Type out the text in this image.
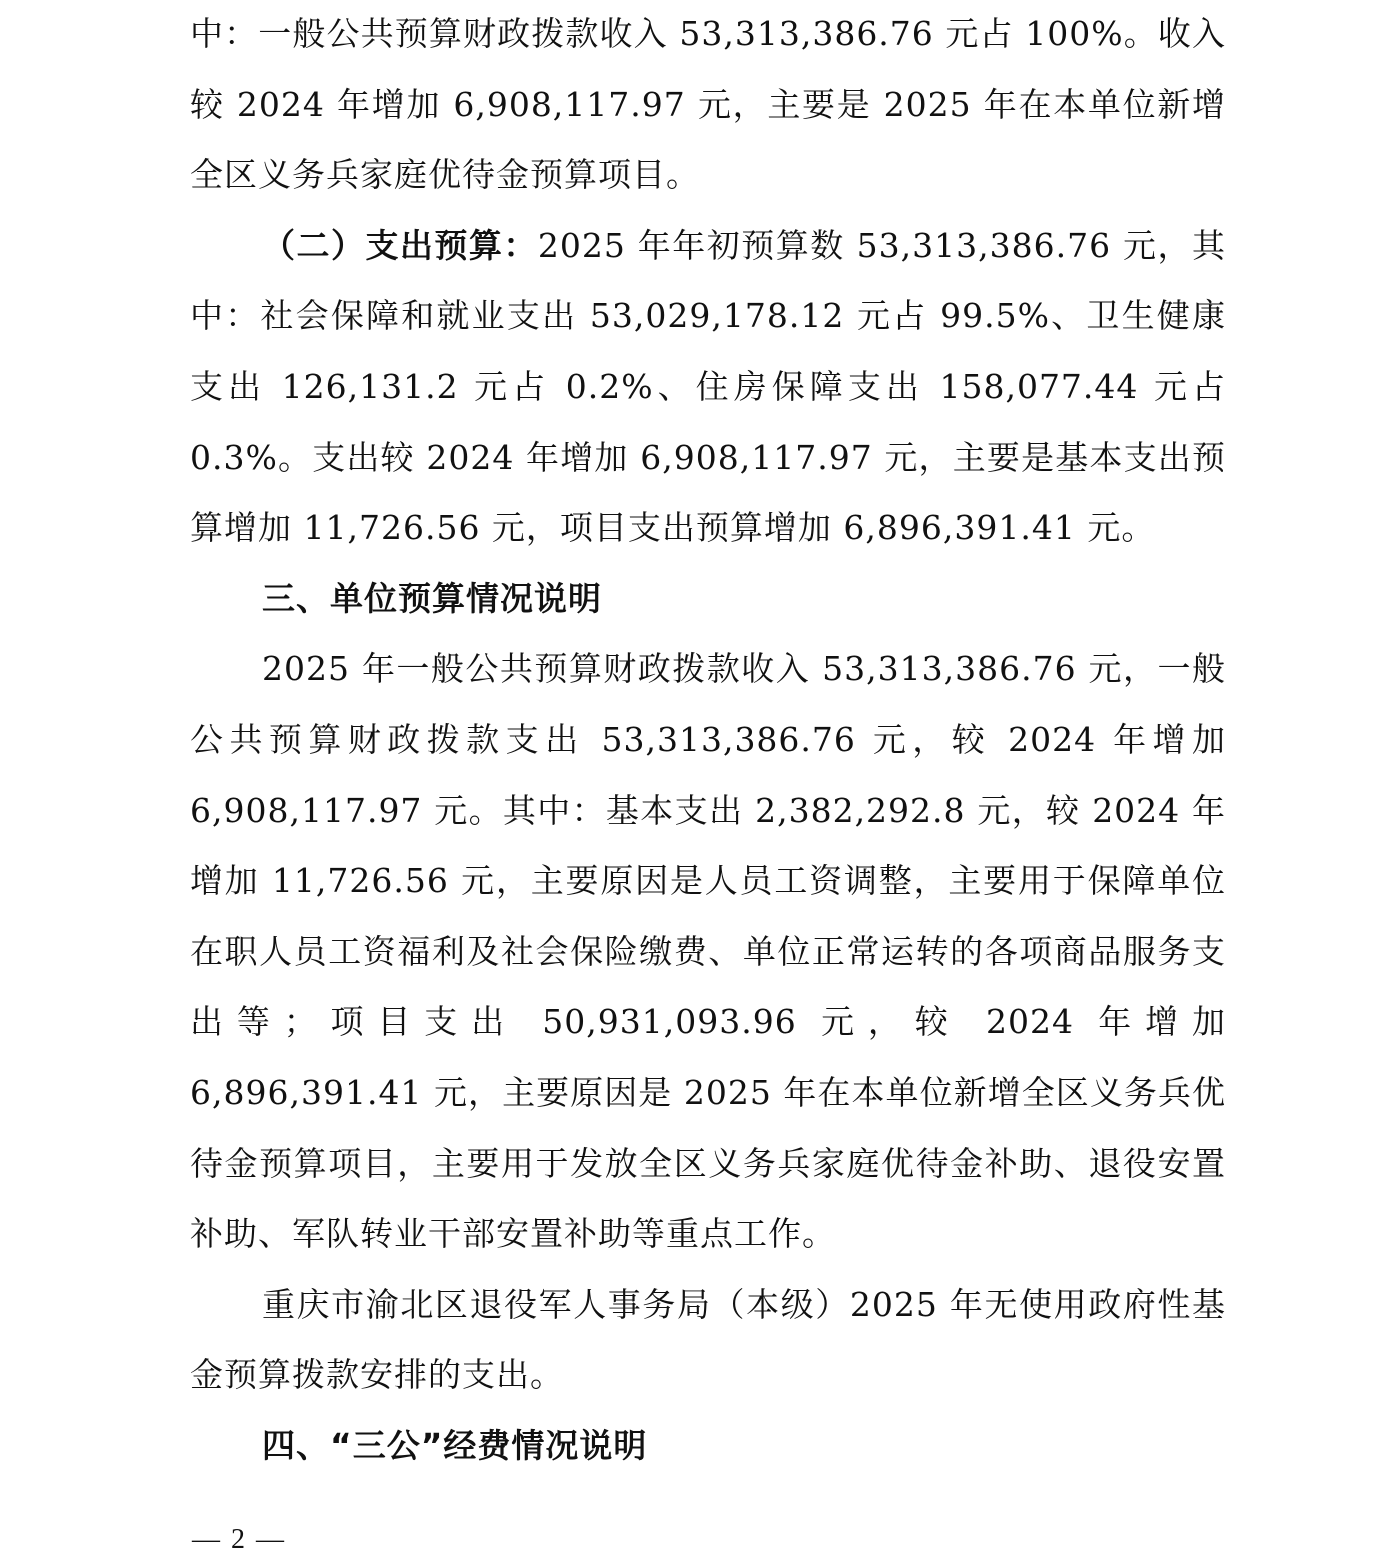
中：一般公共预算财政拨款收入 53,313,386.76 元占 100%。收入较 2024 年增加 6,908,117.97 元，主要是 2025 年在本单位新增全区义务兵家庭优待金预算项目。

（二）支出预算：2025 年年初预算数 53,313,386.76 元，其中：社会保障和就业支出 53,029,178.12 元占 99.5%、卫生健康支出 126,131.2 元占 0.2%、住房保障支出 158,077.44 元占 0.3%。支出较 2024 年增加 6,908,117.97 元，主要是基本支出预算增加 11,726.56 元，项目支出预算增加 6,896,391.41 元。

三、单位预算情况说明

2025 年一般公共预算财政拨款收入 53,313,386.76 元，一般公共预算财政拨款支出 53,313,386.76 元，较 2024 年增加 6,908,117.97 元。其中：基本支出 2,382,292.8 元，较 2024 年增加 11,726.56 元，主要原因是人员工资调整，主要用于保障单位在职人员工资福利及社会保险缴费、单位正常运转的各项商品服务支出等；项目支出 50,931,093.96 元，较 2024 年增加 6,896,391.41 元，主要原因是 2025 年在本单位新增全区义务兵优待金预算项目，主要用于发放全区义务兵家庭优待金补助、退役安置补助、军队转业干部安置补助等重点工作。

重庆市渝北区退役军人事务局（本级）2025 年无使用政府性基金预算拨款安排的支出。

四、“三公”经费情况说明

— 2 —
